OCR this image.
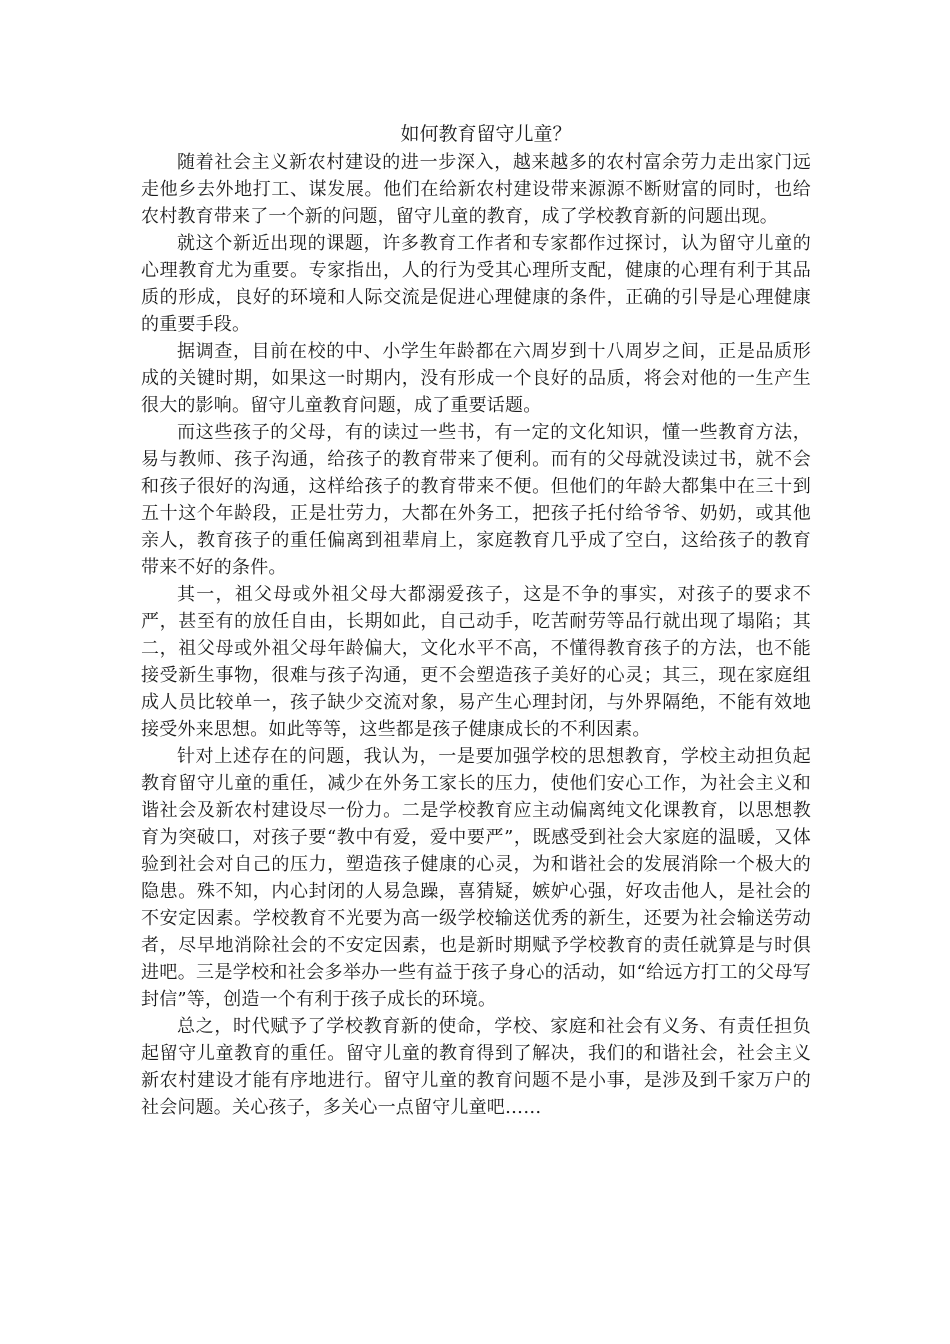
如何教育留守儿童？

随着社会主义新农村建设的进一步深入，越来越多的农村富余劳力走出家门远走他乡去外地打工、谋发展。他们在给新农村建设带来源源不断财富的同时，也给农村教育带来了一个新的问题，留守儿童的教育，成了学校教育新的问题出现。

就这个新近出现的课题，许多教育工作者和专家都作过探讨，认为留守儿童的心理教育尤为重要。专家指出，人的行为受其心理所支配，健康的心理有利于其品质的形成，良好的环境和人际交流是促进心理健康的条件，正确的引导是心理健康的重要手段。

据调查，目前在校的中、小学生年龄都在六周岁到十八周岁之间，正是品质形成的关键时期，如果这一时期内，没有形成一个良好的品质，将会对他的一生产生很大的影响。留守儿童教育问题，成了重要话题。

而这些孩子的父母，有的读过一些书，有一定的文化知识，懂一些教育方法，易与教师、孩子沟通，给孩子的教育带来了便利。而有的父母就没读过书，就不会和孩子很好的沟通，这样给孩子的教育带来不便。但他们的年龄大都集中在三十到五十这个年龄段，正是壮劳力，大都在外务工，把孩子托付给爷爷、奶奶，或其他亲人，教育孩子的重任偏离到祖辈肩上，家庭教育几乎成了空白，这给孩子的教育带来不好的条件。

其一，祖父母或外祖父母大都溺爱孩子，这是不争的事实，对孩子的要求不严，甚至有的放任自由，长期如此，自己动手，吃苦耐劳等品行就出现了塌陷；其二，祖父母或外祖父母年龄偏大，文化水平不高，不懂得教育孩子的方法，也不能接受新生事物，很难与孩子沟通，更不会塑造孩子美好的心灵；其三，现在家庭组成人员比较单一，孩子缺少交流对象，易产生心理封闭，与外界隔绝，不能有效地接受外来思想。如此等等，这些都是孩子健康成长的不利因素。

针对上述存在的问题，我认为，一是要加强学校的思想教育，学校主动担负起教育留守儿童的重任，减少在外务工家长的压力，使他们安心工作，为社会主义和谐社会及新农村建设尽一份力。二是学校教育应主动偏离纯文化课教育，以思想教育为突破口，对孩子要“教中有爱，爱中要严”，既感受到社会大家庭的温暖，又体验到社会对自己的压力，塑造孩子健康的心灵，为和谐社会的发展消除一个极大的隐患。殊不知，内心封闭的人易急躁，喜猜疑，嫉妒心强，好攻击他人，是社会的不安定因素。学校教育不光要为高一级学校输送优秀的新生，还要为社会输送劳动者，尽早地消除社会的不安定因素，也是新时期赋予学校教育的责任就算是与时俱进吧。三是学校和社会多举办一些有益于孩子身心的活动，如“给远方打工的父母写封信”等，创造一个有利于孩子成长的环境。

总之，时代赋予了学校教育新的使命，学校、家庭和社会有义务、有责任担负起留守儿童教育的重任。留守儿童的教育得到了解决，我们的和谐社会，社会主义新农村建设才能有序地进行。留守儿童的教育问题不是小事，是涉及到千家万户的社会问题。关心孩子，多关心一点留守儿童吧……
